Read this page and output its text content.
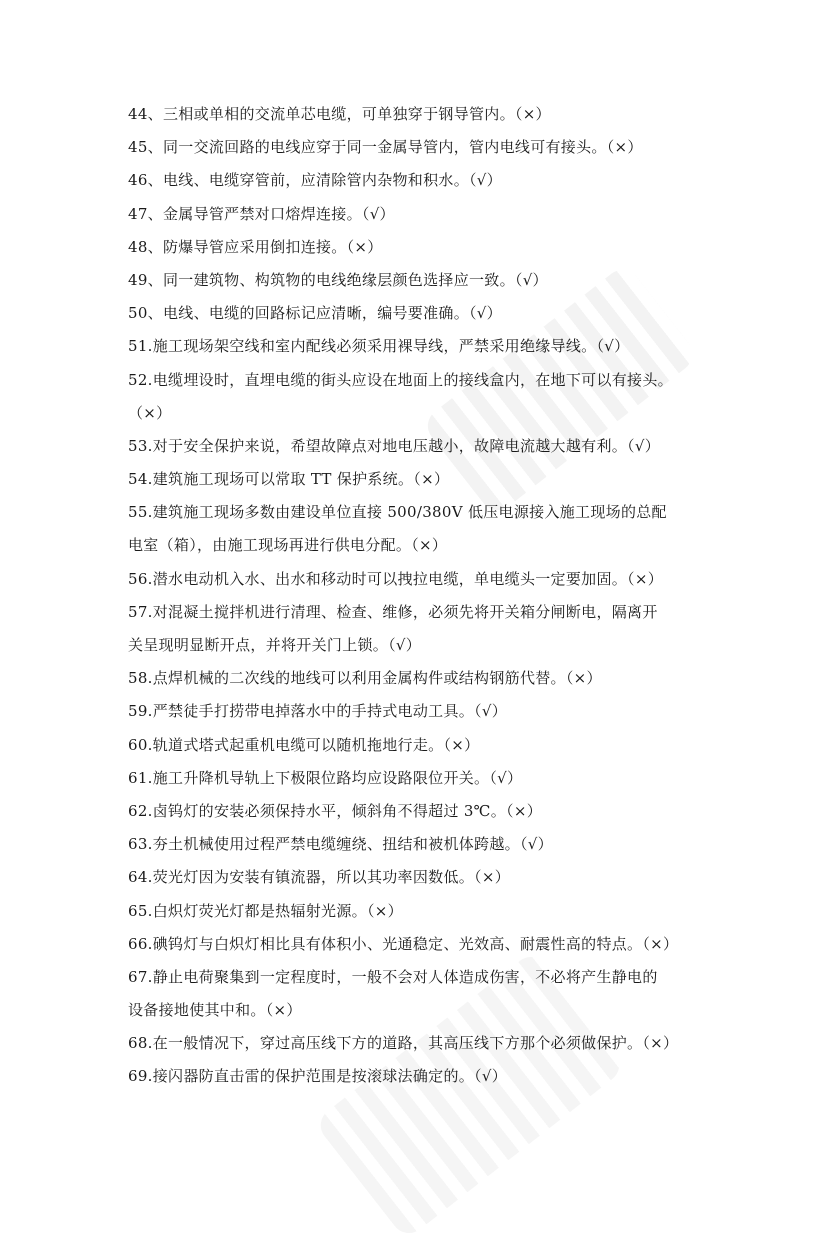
44、三相或单相的交流单芯电缆，可单独穿于钢导管内。（×）
45、同一交流回路的电线应穿于同一金属导管内，管内电线可有接头。（×）
46、电线、电缆穿管前，应清除管内杂物和积水。（√）
47、金属导管严禁对口熔焊连接。（√）
48、防爆导管应采用倒扣连接。（×）
49、同一建筑物、构筑物的电线绝缘层颜色选择应一致。（√）
50、电线、电缆的回路标记应清晰，编号要准确。（√）
51.施工现场架空线和室内配线必须采用裸导线，严禁采用绝缘导线。（√）
52.电缆埋设时，直埋电缆的街头应设在地面上的接线盒内，在地下可以有接头。
（×）
53.对于安全保护来说，希望故障点对地电压越小，故障电流越大越有利。（√）
54.建筑施工现场可以常取 TT 保护系统。（×）
55.建筑施工现场多数由建设单位直接 500/380V 低压电源接入施工现场的总配
电室（箱），由施工现场再进行供电分配。（×）
56.潜水电动机入水、出水和移动时可以拽拉电缆，单电缆头一定要加固。（×）
57.对混凝土搅拌机进行清理、检查、维修，必须先将开关箱分闸断电，隔离开
关呈现明显断开点，并将开关门上锁。（√）
58.点焊机械的二次线的地线可以利用金属构件或结构钢筋代替。（×）
59.严禁徒手打捞带电掉落水中的手持式电动工具。（√）
60.轨道式塔式起重机电缆可以随机拖地行走。（×）
61.施工升降机导轨上下极限位路均应设路限位开关。（√）
62.卤钨灯的安装必须保持水平，倾斜角不得超过 3℃。（×）
63.夯土机械使用过程严禁电缆缠绕、扭结和被机体跨越。（√）
64.荧光灯因为安装有镇流器，所以其功率因数低。（×）
65.白炽灯荧光灯都是热辐射光源。（×）
66.碘钨灯与白炽灯相比具有体积小、光通稳定、光效高、耐震性高的特点。（×）
67.静止电荷聚集到一定程度时，一般不会对人体造成伤害，不必将产生静电的
设备接地使其中和。（×）
68.在一般情况下，穿过高压线下方的道路，其高压线下方那个必须做保护。（×）
69.接闪器防直击雷的保护范围是按滚球法确定的。（√）
